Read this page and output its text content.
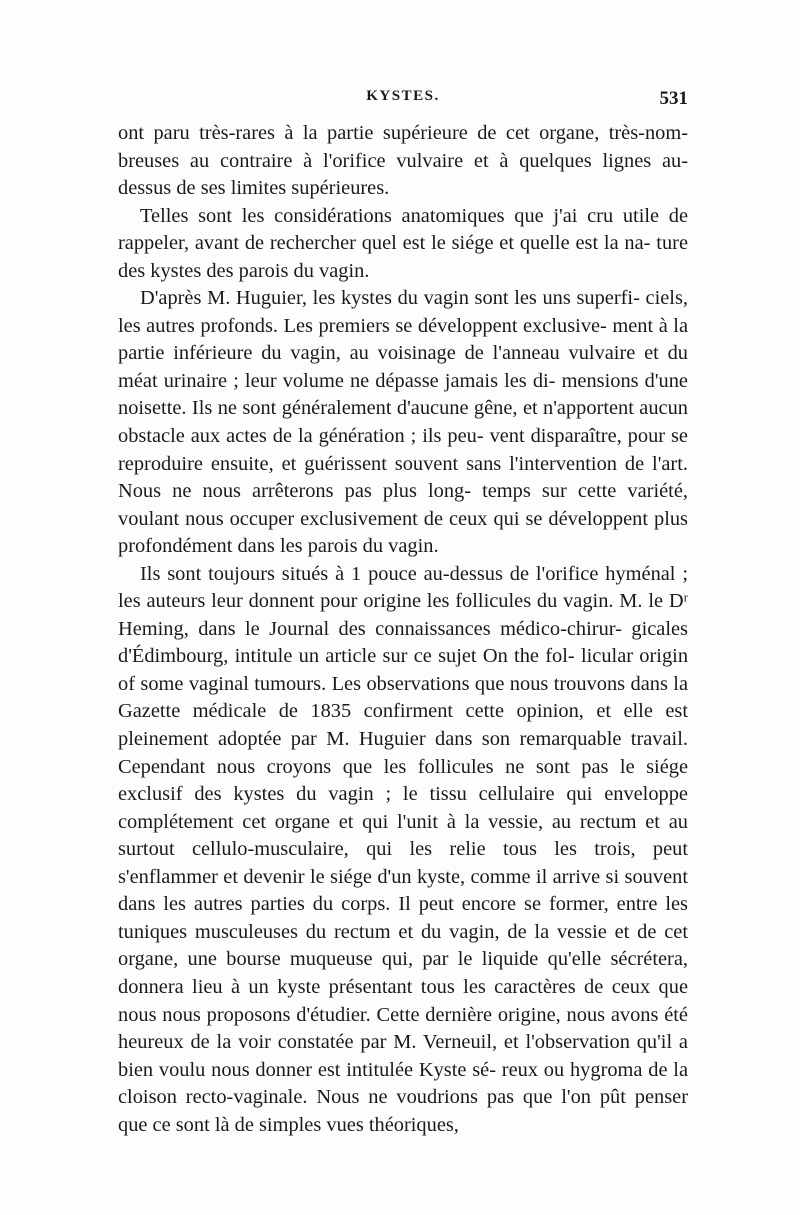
KYSTES.	531

ont paru très-rares à la partie supérieure de cet organe, très-nom- breuses au contraire à l'orifice vulvaire et à quelques lignes au- dessus de ses limites supérieures.

Telles sont les considérations anatomiques que j'ai cru utile de rappeler, avant de rechercher quel est le siége et quelle est la na- ture des kystes des parois du vagin.

D'après M. Huguier, les kystes du vagin sont les uns superfi- ciels, les autres profonds. Les premiers se développent exclusive- ment à la partie inférieure du vagin, au voisinage de l'anneau vulvaire et du méat urinaire ; leur volume ne dépasse jamais les di- mensions d'une noisette. Ils ne sont généralement d'aucune gêne, et n'apportent aucun obstacle aux actes de la génération ; ils peu- vent disparaître, pour se reproduire ensuite, et guérissent souvent sans l'intervention de l'art. Nous ne nous arrêterons pas plus long- temps sur cette variété, voulant nous occuper exclusivement de ceux qui se développent plus profondément dans les parois du vagin.

Ils sont toujours situés à 1 pouce au-dessus de l'orifice hyménal ; les auteurs leur donnent pour origine les follicules du vagin. M. le Dʳ Heming, dans le Journal des connaissances médico-chirur- gicales d'Édimbourg, intitule un article sur ce sujet On the fol- licular origin of some vaginal tumours. Les observations que nous trouvons dans la Gazette médicale de 1835 confirment cette opinion, et elle est pleinement adoptée par M. Huguier dans son remarquable travail. Cependant nous croyons que les follicules ne sont pas le siége exclusif des kystes du vagin ; le tissu cellulaire qui enveloppe complétement cet organe et qui l'unit à la vessie, au rectum et au surtout cellulo-musculaire, qui les relie tous les trois, peut s'enflammer et devenir le siége d'un kyste, comme il arrive si souvent dans les autres parties du corps. Il peut encore se former, entre les tuniques musculeuses du rectum et du vagin, de la vessie et de cet organe, une bourse muqueuse qui, par le liquide qu'elle sécrétera, donnera lieu à un kyste présentant tous les caractères de ceux que nous nous proposons d'étudier. Cette dernière origine, nous avons été heureux de la voir constatée par M. Verneuil, et l'observation qu'il a bien voulu nous donner est intitulée Kyste sé- reux ou hygroma de la cloison recto-vaginale. Nous ne voudrions pas que l'on pût penser que ce sont là de simples vues théoriques,
